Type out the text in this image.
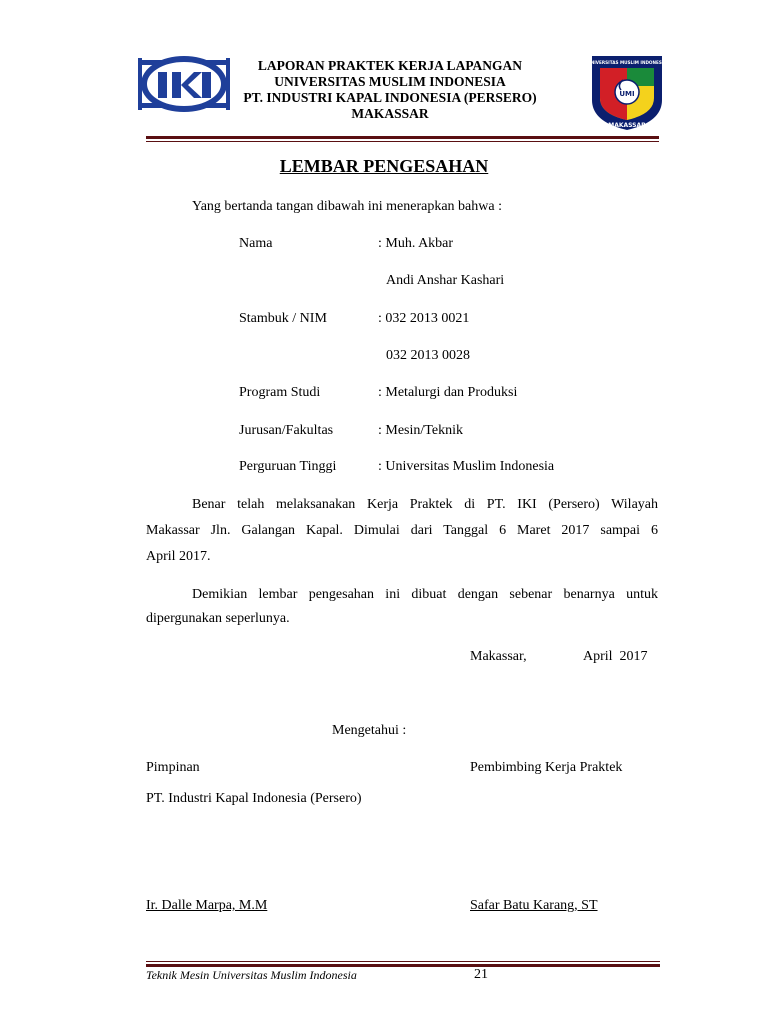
LAPORAN PRAKTEK KERJA LAPANGAN
UNIVERSITAS MUSLIM INDONESIA
PT. INDUSTRI KAPAL INDONESIA (PERSERO)
MAKASSAR
UMI
UNIVERSITAS MUSLIM INDONESIA
MAKASSAR
LEMBAR PENGESAHAN
Yang bertanda tangan dibawah ini menerapkan bahwa :
Nama	: Muh. Akbar
Andi Anshar Kashari
Stambuk / NIM	: 032 2013 0021
032 2013 0028
Program Studi	: Metalurgi dan Produksi
Jurusan/Fakultas	: Mesin/Teknik
Perguruan Tinggi	: Universitas Muslim Indonesia
Benar telah melaksanakan Kerja Praktek di PT. IKI (Persero) Wilayah
Makassar Jln. Galangan Kapal. Dimulai dari Tanggal 6 Maret 2017 sampai 6
April 2017.
Demikian lembar pengesahan ini dibuat dengan sebenar benarnya untuk
dipergunakan seperlunya.
Makassar,	April  2017
Mengetahui :
Pimpinan	Pembimbing Kerja Praktek
PT. Industri Kapal Indonesia (Persero)
Ir. Dalle Marpa, M.M	Safar Batu Karang, ST
Teknik Mesin Universitas Muslim Indonesia	21
